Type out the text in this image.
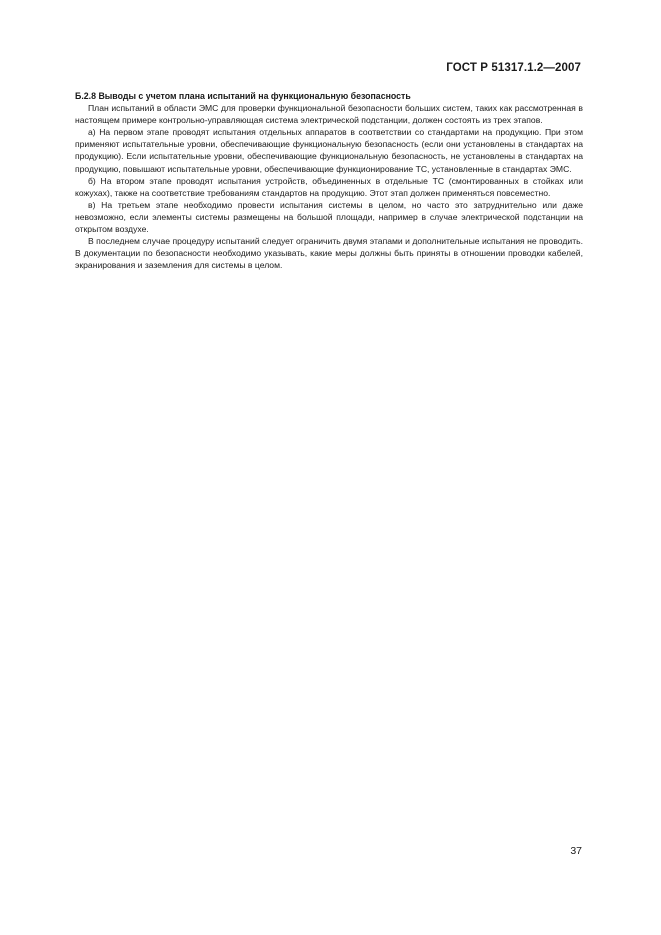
ГОСТ Р 51317.1.2—2007
Б.2.8 Выводы с учетом плана испытаний на функциональную безопасность

План испытаний в области ЭМС для проверки функциональной безопасности больших систем, таких как рассмотренная в настоящем примере контрольно-управляющая система электрической подстанции, должен состоять из трех этапов.

а) На первом этапе проводят испытания отдельных аппаратов в соответствии со стандартами на продукцию. При этом применяют испытательные уровни, обеспечивающие функциональную безопасность (если они установлены в стандартах на продукцию). Если испытательные уровни, обеспечивающие функциональную безопасность, не установлены в стандартах на продукцию, повышают испытательные уровни, обеспечивающие функционирование ТС, установленные в стандартах ЭМС.

б) На втором этапе проводят испытания устройств, объединенных в отдельные ТС (смонтированных в стойках или кожухах), также на соответствие требованиям стандартов на продукцию. Этот этап должен применяться повсеместно.

в) На третьем этапе необходимо провести испытания системы в целом, но часто это затруднительно или даже невозможно, если элементы системы размещены на большой площади, например в случае электрической подстанции на открытом воздухе.

В последнем случае процедуру испытаний следует ограничить двумя этапами и дополнительные испытания не проводить. В документации по безопасности необходимо указывать, какие меры должны быть приняты в отношении проводки кабелей, экранирования и заземления для системы в целом.

37
